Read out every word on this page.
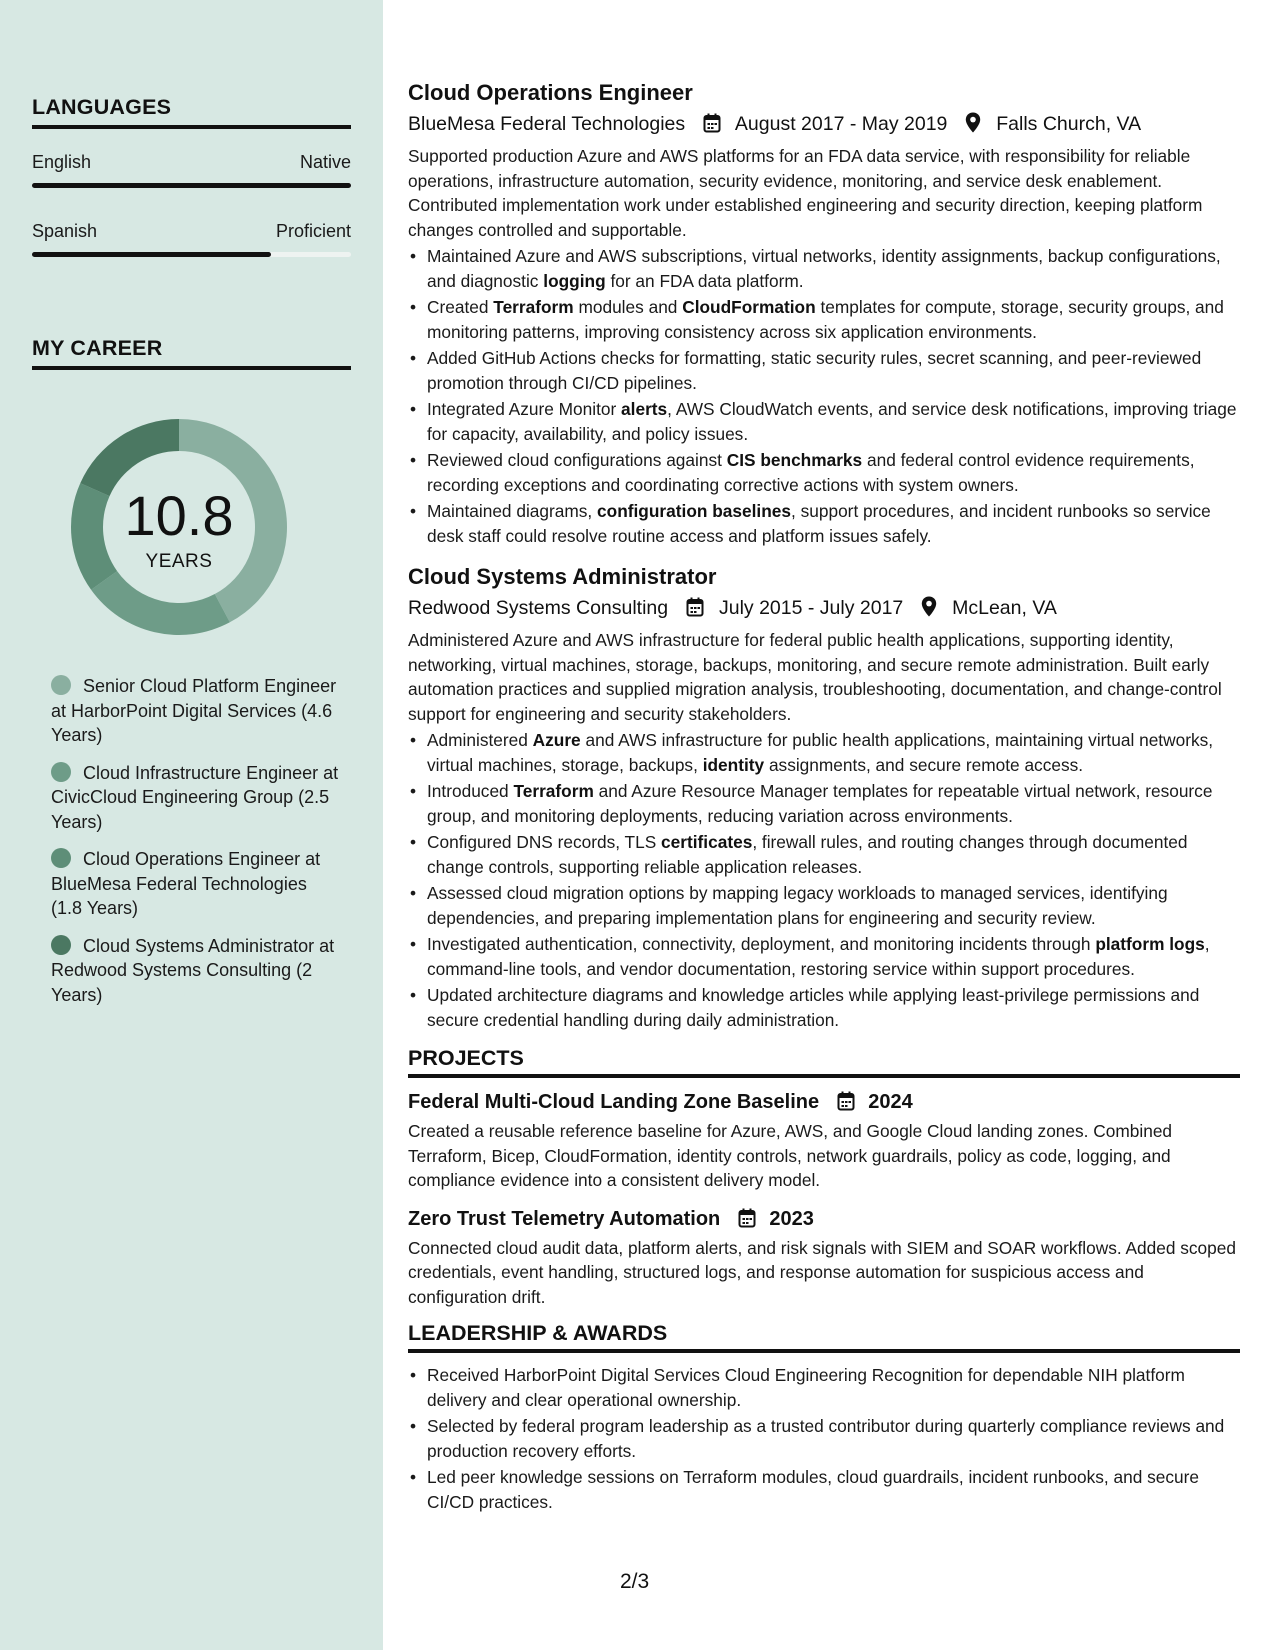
LANGUAGES
English	Native
Spanish	Proficient
MY CAREER
10.8
YEARS
Senior Cloud Platform Engineer at HarborPoint Digital Services (4.6 Years)
Cloud Infrastructure Engineer at CivicCloud Engineering Group (2.5 Years)
Cloud Operations Engineer at BlueMesa Federal Technologies (1.8 Years)
Cloud Systems Administrator at Redwood Systems Consulting (2 Years)
Cloud Operations Engineer
BlueMesa Federal Technologies	August 2017 - May 2019	Falls Church, VA

Supported production Azure and AWS platforms for an FDA data service, with responsibility for reliable operations, infrastructure automation, security evidence, monitoring, and service desk enablement. Contributed implementation work under established engineering and security direction, keeping platform changes controlled and supportable.

• Maintained Azure and AWS subscriptions, virtual networks, identity assignments, backup configurations, and diagnostic logging for an FDA data platform.
• Created Terraform modules and CloudFormation templates for compute, storage, security groups, and monitoring patterns, improving consistency across six application environments.
• Added GitHub Actions checks for formatting, static security rules, secret scanning, and peer-reviewed promotion through CI/CD pipelines.
• Integrated Azure Monitor alerts, AWS CloudWatch events, and service desk notifications, improving triage for capacity, availability, and policy issues.
• Reviewed cloud configurations against CIS benchmarks and federal control evidence requirements, recording exceptions and coordinating corrective actions with system owners.
• Maintained diagrams, configuration baselines, support procedures, and incident runbooks so service desk staff could resolve routine access and platform issues safely.
Cloud Systems Administrator
Redwood Systems Consulting	July 2015 - July 2017	McLean, VA

Administered Azure and AWS infrastructure for federal public health applications, supporting identity, networking, virtual machines, storage, backups, monitoring, and secure remote administration. Built early automation practices and supplied migration analysis, troubleshooting, documentation, and change-control support for engineering and security stakeholders.

• Administered Azure and AWS infrastructure for public health applications, maintaining virtual networks, virtual machines, storage, backups, identity assignments, and secure remote access.
• Introduced Terraform and Azure Resource Manager templates for repeatable virtual network, resource group, and monitoring deployments, reducing variation across environments.
• Configured DNS records, TLS certificates, firewall rules, and routing changes through documented change controls, supporting reliable application releases.
• Assessed cloud migration options by mapping legacy workloads to managed services, identifying dependencies, and preparing implementation plans for engineering and security review.
• Investigated authentication, connectivity, deployment, and monitoring incidents through platform logs, command-line tools, and vendor documentation, restoring service within support procedures.
• Updated architecture diagrams and knowledge articles while applying least-privilege permissions and secure credential handling during daily administration.
PROJECTS
Federal Multi-Cloud Landing Zone Baseline 2024

Created a reusable reference baseline for Azure, AWS, and Google Cloud landing zones. Combined Terraform, Bicep, CloudFormation, identity controls, network guardrails, policy as code, logging, and compliance evidence into a consistent delivery model.

Zero Trust Telemetry Automation 2023

Connected cloud audit data, platform alerts, and risk signals with SIEM and SOAR workflows. Added scoped credentials, event handling, structured logs, and response automation for suspicious access and configuration drift.

LEADERSHIP & AWARDS
• Received HarborPoint Digital Services Cloud Engineering Recognition for dependable NIH platform delivery and clear operational ownership.
• Selected by federal program leadership as a trusted contributor during quarterly compliance reviews and production recovery efforts.
• Led peer knowledge sessions on Terraform modules, cloud guardrails, incident runbooks, and secure CI/CD practices.
2/3
